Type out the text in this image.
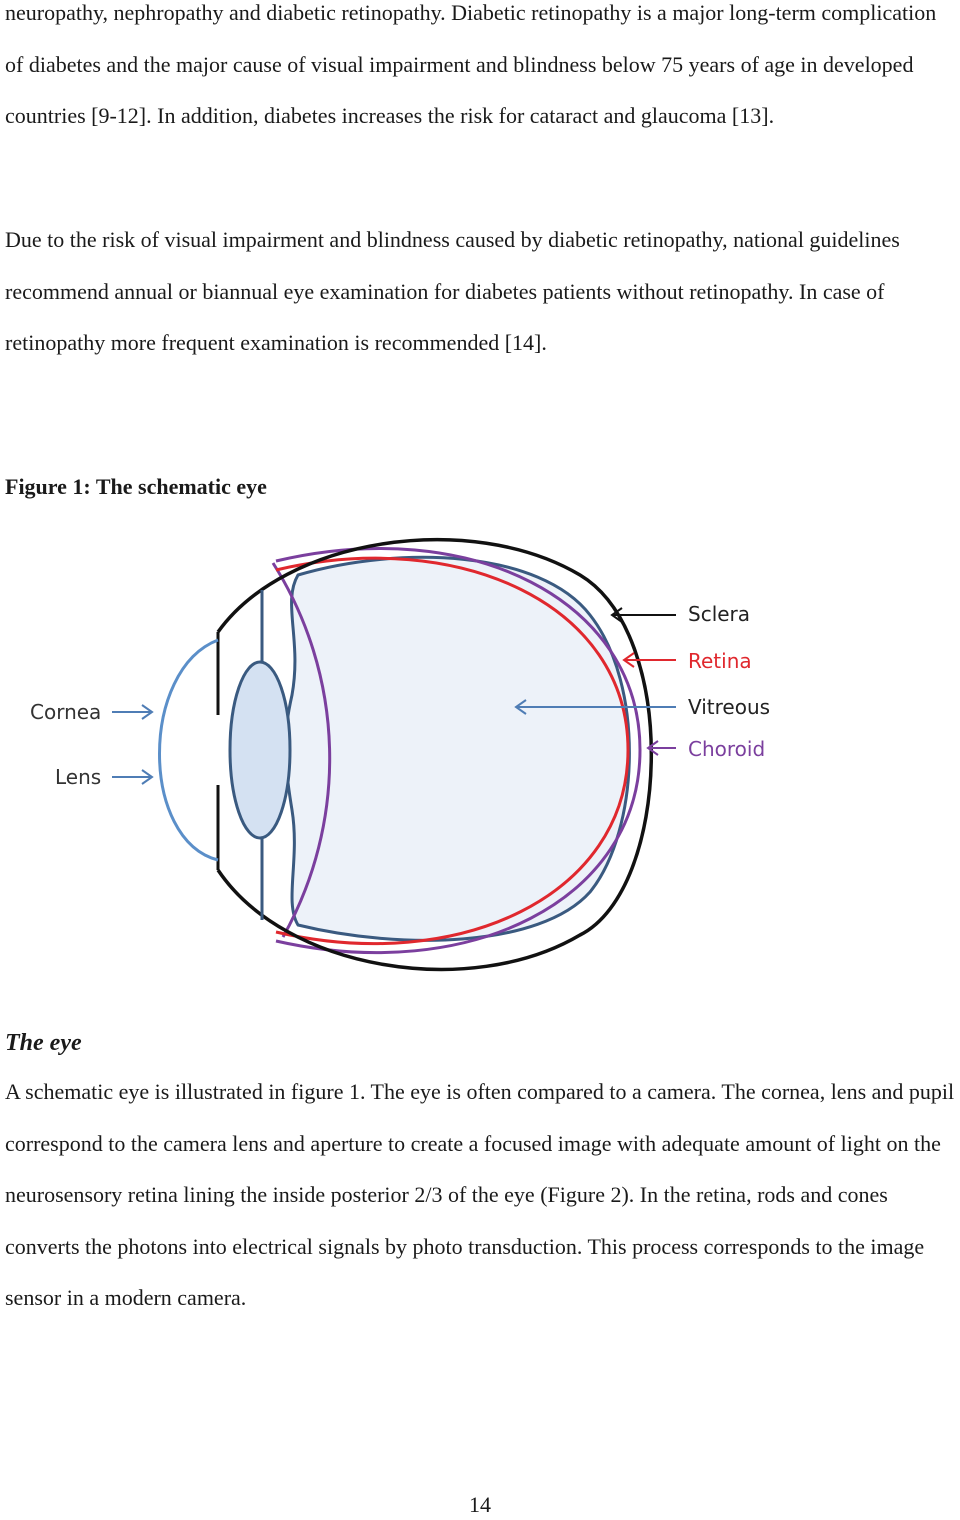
neuropathy, nephropathy and diabetic retinopathy. Diabetic retinopathy is a major long-term complication of diabetes and the major cause of visual impairment and blindness below 75 years of age in developed countries [9-12]. In addition, diabetes increases the risk for cataract and glaucoma [13].

Due to the risk of visual impairment and blindness caused by diabetic retinopathy, national guidelines recommend annual or biannual eye examination for diabetes patients without retinopathy. In case of retinopathy more frequent examination is recommended [14].

Figure 1: The schematic eye

Cornea
Lens
Sclera
Retina
Vitreous
Choroid
The eye

A schematic eye is illustrated in figure 1. The eye is often compared to a camera. The cornea, lens and pupil correspond to the camera lens and aperture to create a focused image with adequate amount of light on the neurosensory retina lining the inside posterior 2/3 of the eye (Figure 2). In the retina, rods and cones converts the photons into electrical signals by photo transduction. This process corresponds to the image sensor in a modern camera.

14
